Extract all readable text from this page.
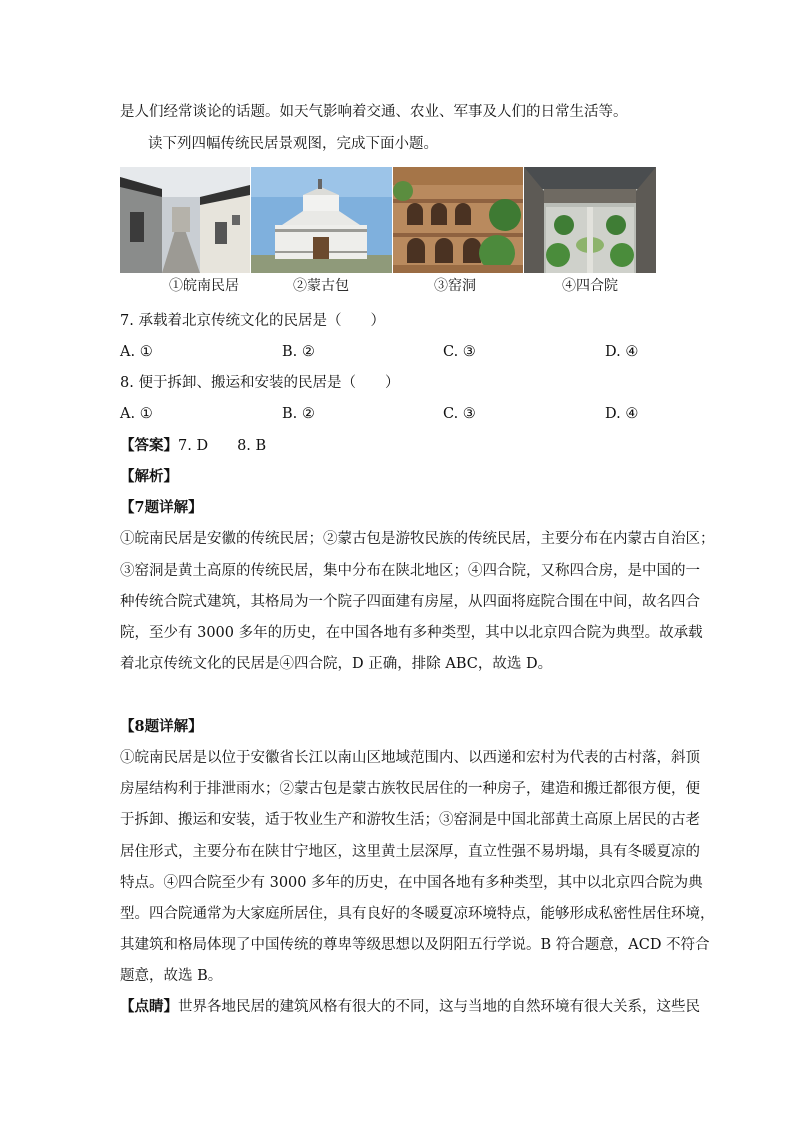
是人们经常谈论的话题。如天气影响着交通、农业、军事及人们的日常生活等。
读下列四幅传统民居景观图，完成下面小题。
①皖南民居	②蒙古包	③窑洞	④四合院
7. 承载着北京传统文化的民居是（　　）
A. ①	B. ②	C. ③	D. ④
8. 便于拆卸、搬运和安装的民居是（　　）
A. ①	B. ②	C. ③	D. ④
【答案】7. D　　8. B
【解析】
【7题详解】
①皖南民居是安徽的传统民居；②蒙古包是游牧民族的传统民居，主要分布在内蒙古自治区；
③窑洞是黄土高原的传统民居，集中分布在陕北地区；④四合院，又称四合房，是中国的一
种传统合院式建筑，其格局为一个院子四面建有房屋，从四面将庭院合围在中间，故名四合
院，至少有 3000 多年的历史，在中国各地有多种类型，其中以北京四合院为典型。故承载
着北京传统文化的民居是④四合院，D 正确，排除 ABC，故选 D。
【8题详解】
①皖南民居是以位于安徽省长江以南山区地域范围内、以西递和宏村为代表的古村落，斜顶
房屋结构利于排泄雨水；②蒙古包是蒙古族牧民居住的一种房子，建造和搬迁都很方便，便
于拆卸、搬运和安装，适于牧业生产和游牧生活；③窑洞是中国北部黄土高原上居民的古老
居住形式，主要分布在陕甘宁地区，这里黄土层深厚，直立性强不易坍塌，具有冬暖夏凉的
特点。④四合院至少有 3000 多年的历史，在中国各地有多种类型，其中以北京四合院为典
型。四合院通常为大家庭所居住，具有良好的冬暖夏凉环境特点，能够形成私密性居住环境，
其建筑和格局体现了中国传统的尊卑等级思想以及阴阳五行学说。B 符合题意，ACD 不符合
题意，故选 B。
【点睛】世界各地民居的建筑风格有很大的不同，这与当地的自然环境有很大关系，这些民
